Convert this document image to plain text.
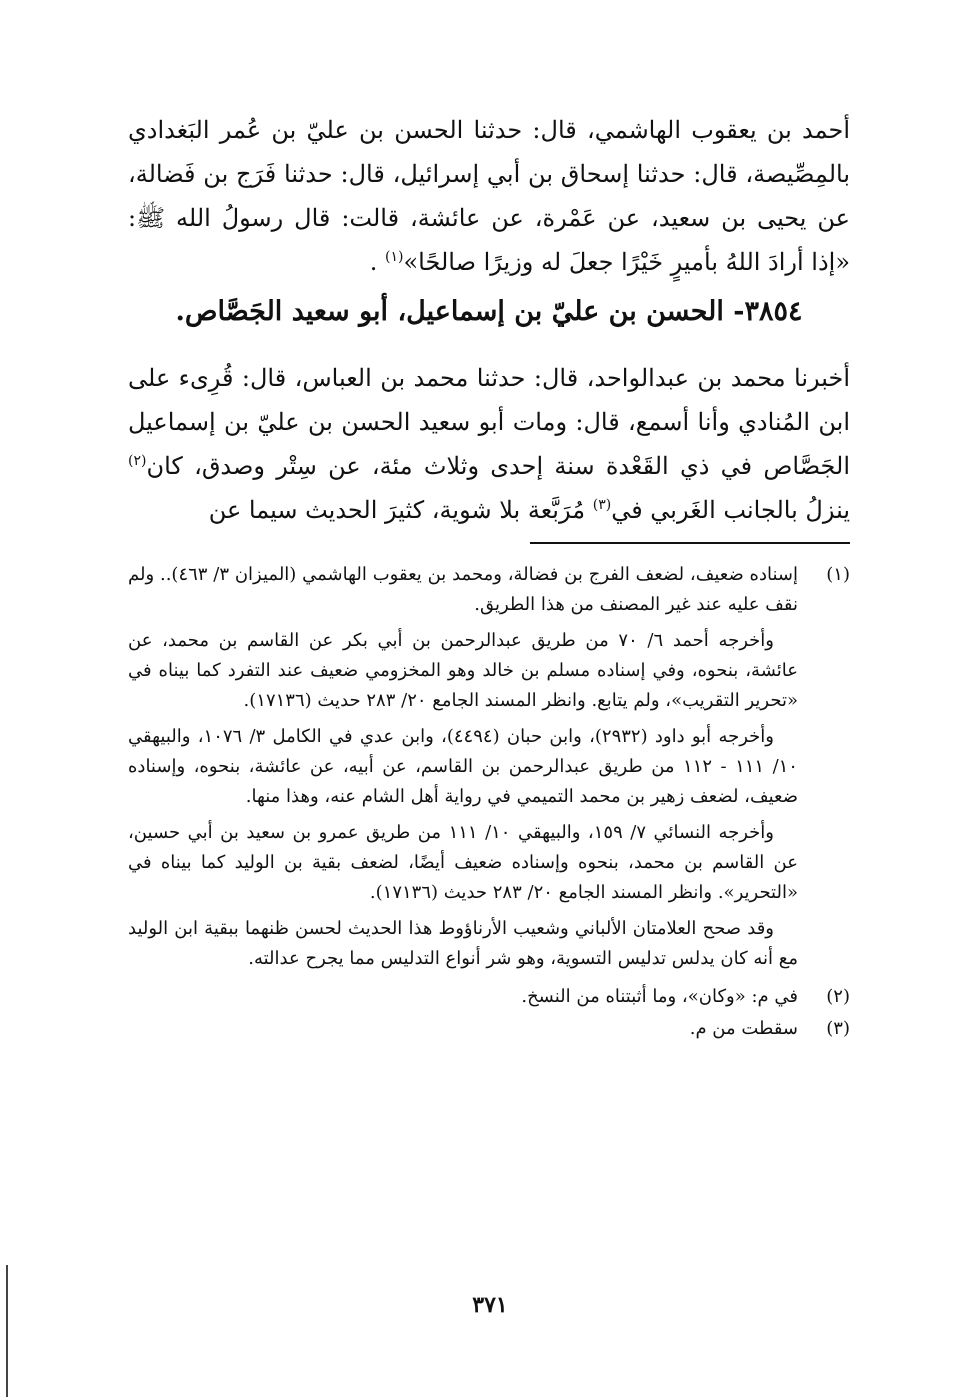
أحمد بن يعقوب الهاشمي، قال: حدثنا الحسن بن عليّ بن عُمر البَغدادي بالمِصِّيصة، قال: حدثنا إسحاق بن أبي إسرائيل، قال: حدثنا فَرَج بن فَضالة، عن يحيى بن سعيد، عن عَمْرة، عن عائشة، قالت: قال رسولُ الله ﷺ: «إذا أرادَ اللهُ بأميرٍ خَيْرًا جعلَ له وزيرًا صالحًا»$^{(١)}$ .

٣٨٥٤- الحسن بن عليّ بن إسماعيل، أبو سعيد الجَصَّاص.

أخبرنا محمد بن عبدالواحد، قال: حدثنا محمد بن العباس، قال: قُرِىء على ابن المُنادي وأنا أسمع، قال: ومات أبو سعيد الحسن بن عليّ بن إسماعيل الجَصَّاص في ذي القَعْدة سنة إحدى وثلاث مئة، عن سِتْر وصدق، كان$^{(٢)}$ ينزلُ بالجانب الغَربي في$^{(٣)}$ مُرَبَّعة بلا شوية، كثيرَ الحديث سيما عن

(١)

إسناده ضعيف، لضعف الفرج بن فضالة، ومحمد بن يعقوب الهاشمي (الميزان ٣/ ٤٦٣).. ولم نقف عليه عند غير المصنف من هذا الطريق.

وأخرجه أحمد ٦/ ٧٠ من طريق عبدالرحمن بن أبي بكر عن القاسم بن محمد، عن عائشة، بنحوه، وفي إسناده مسلم بن خالد وهو المخزومي ضعيف عند التفرد كما بيناه في «تحرير التقريب»، ولم يتابع. وانظر المسند الجامع ٢٠/ ٢٨٣ حديث (١٧١٣٦).

وأخرجه أبو داود (٢٩٣٢)، وابن حبان (٤٤٩٤)، وابن عدي في الكامل ٣/ ١٠٧٦، والبيهقي ١٠/ ١١١ - ١١٢ من طريق عبدالرحمن بن القاسم، عن أبيه، عن عائشة، بنحوه، وإسناده ضعيف، لضعف زهير بن محمد التميمي في رواية أهل الشام عنه، وهذا منها.

وأخرجه النسائي ٧/ ١٥٩، والبيهقي ١٠/ ١١١ من طريق عمرو بن سعيد بن أبي حسين، عن القاسم بن محمد، بنحوه وإسناده ضعيف أيضًا، لضعف بقية بن الوليد كما بيناه في «التحرير». وانظر المسند الجامع ٢٠/ ٢٨٣ حديث (١٧١٣٦).

وقد صحح العلامتان الألباني وشعيب الأرناؤوط هذا الحديث لحسن ظنهما ببقية ابن الوليد مع أنه كان يدلس تدليس التسوية، وهو شر أنواع التدليس مما يجرح عدالته.

(٢)
في م: «وكان»، وما أثبتناه من النسخ.
(٣)
سقطت من م.
٣٧١
